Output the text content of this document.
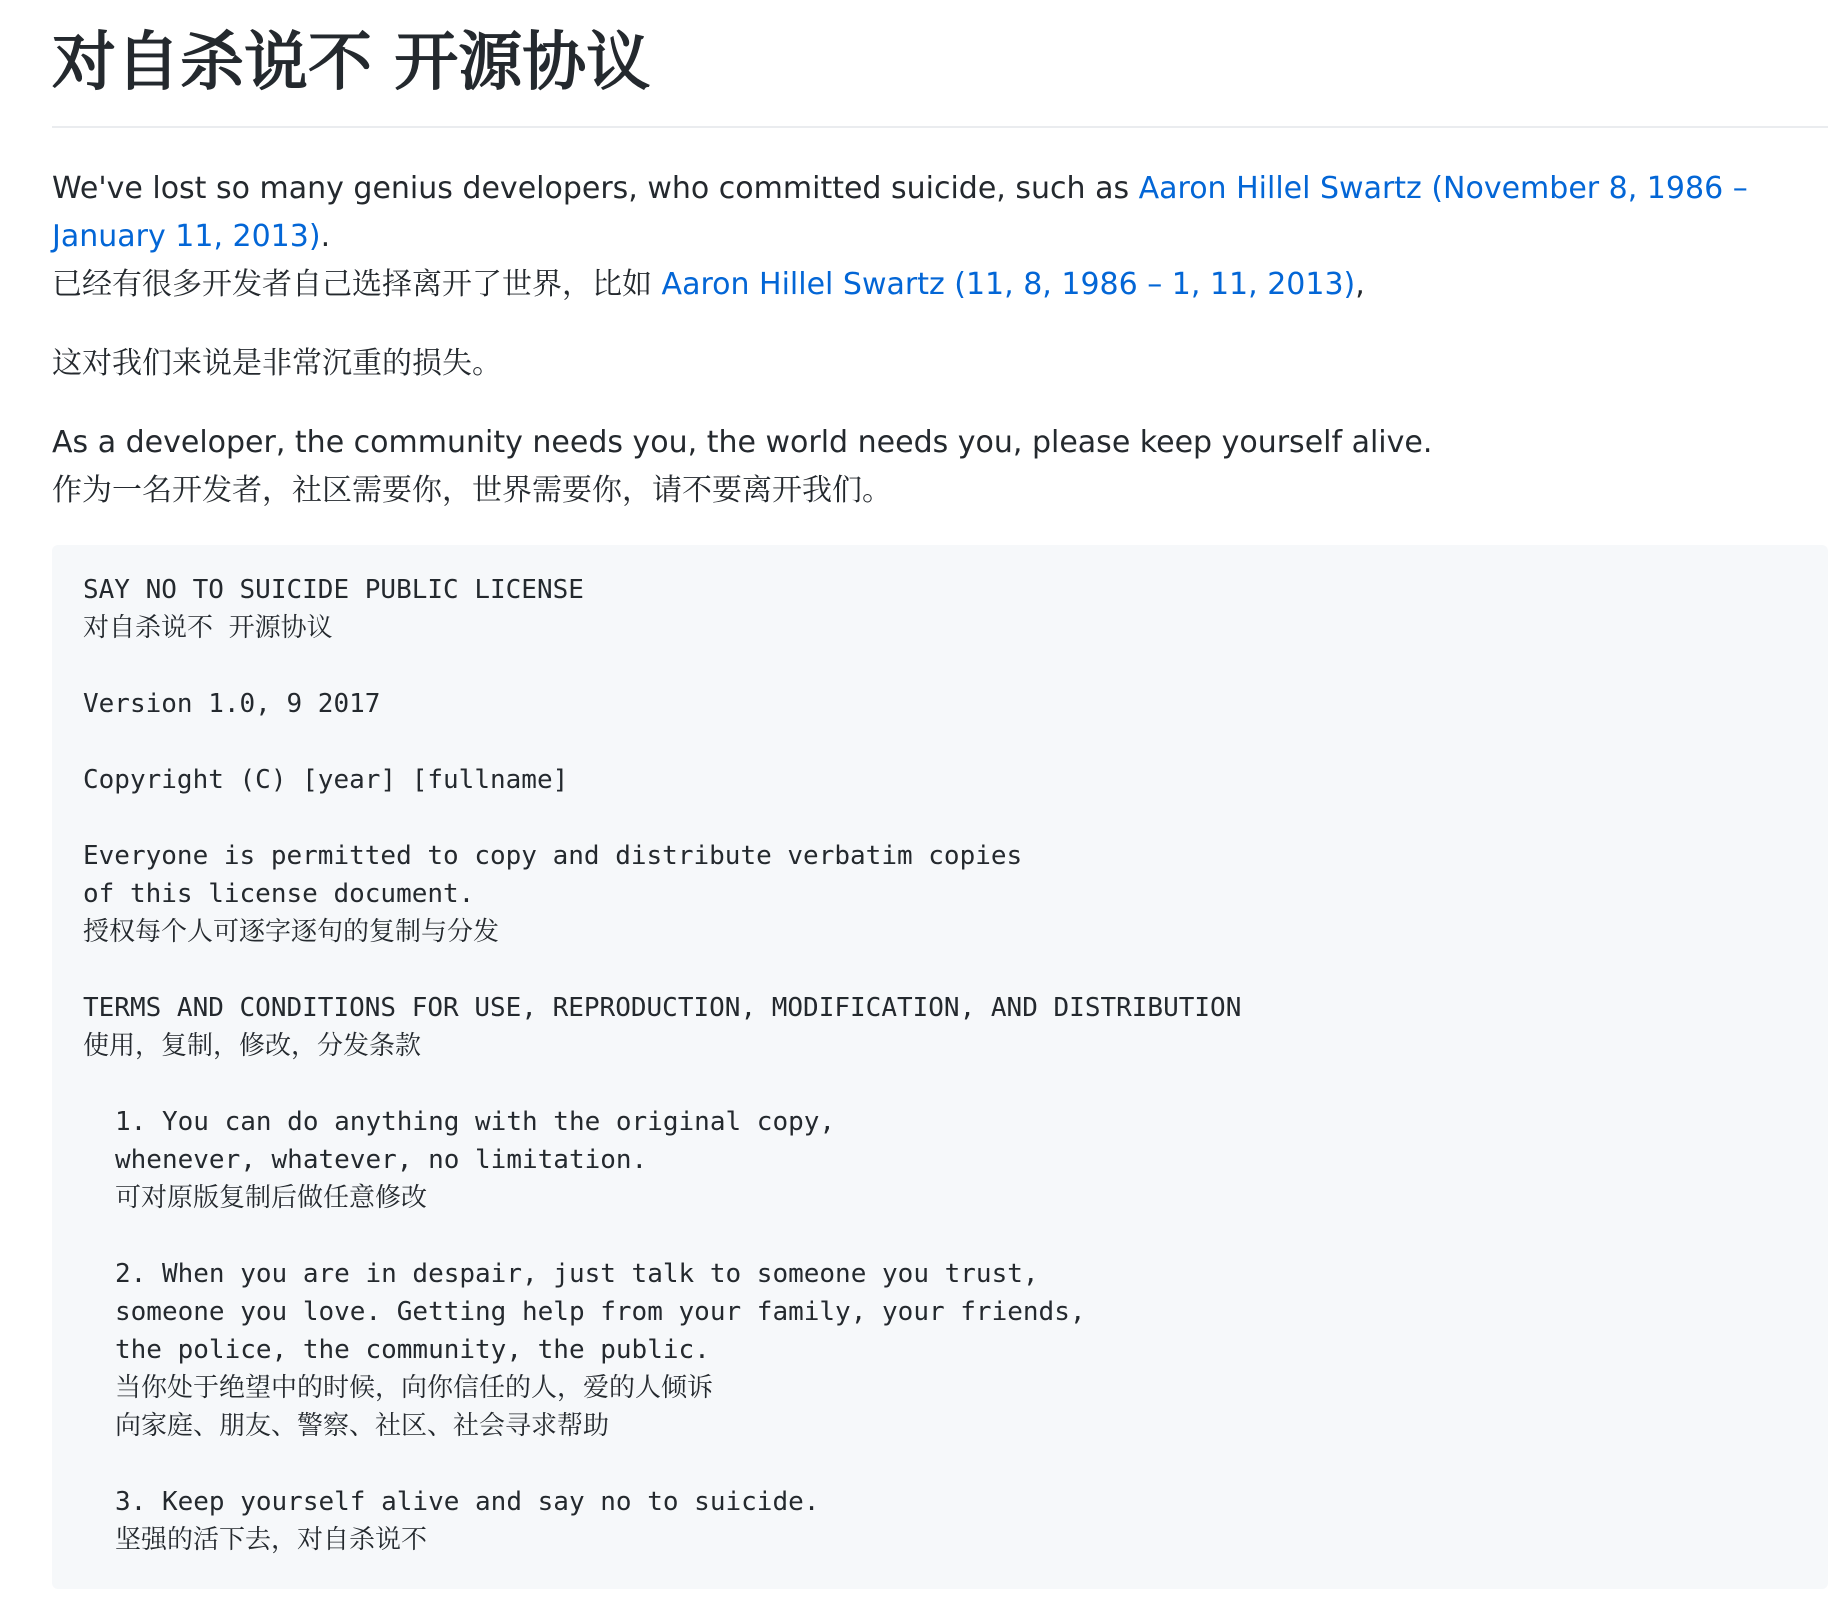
对自杀说不 开源协议

We've lost so many genius developers, who committed suicide, such as Aaron Hillel Swartz (November 8, 1986 – January 11, 2013).
已经有很多开发者自己选择离开了世界，比如 Aaron Hillel Swartz (11, 8, 1986 – 1, 11, 2013),

这对我们来说是非常沉重的损失。

As a developer, the community needs you, the world needs you, please keep yourself alive.
作为一名开发者，社区需要你，世界需要你，请不要离开我们。

SAY NO TO SUICIDE PUBLIC LICENSE
对自杀说不 开源协议
Version 1.0, 9 2017
Copyright (C) [year] [fullname]
Everyone is permitted to copy and distribute verbatim copies
of this license document.
授权每个人可逐字逐句的复制与分发
TERMS AND CONDITIONS FOR USE, REPRODUCTION, MODIFICATION, AND DISTRIBUTION
使用，复制，修改，分发条款
1. You can do anything with the original copy,
whenever, whatever, no limitation.
可对原版复制后做任意修改
2. When you are in despair, just talk to someone you trust,
someone you love. Getting help from your family, your friends,
the police, the community, the public.
当你处于绝望中的时候，向你信任的人，爱的人倾诉
向家庭、朋友、警察、社区、社会寻求帮助
3. Keep yourself alive and say no to suicide.
坚强的活下去，对自杀说不
